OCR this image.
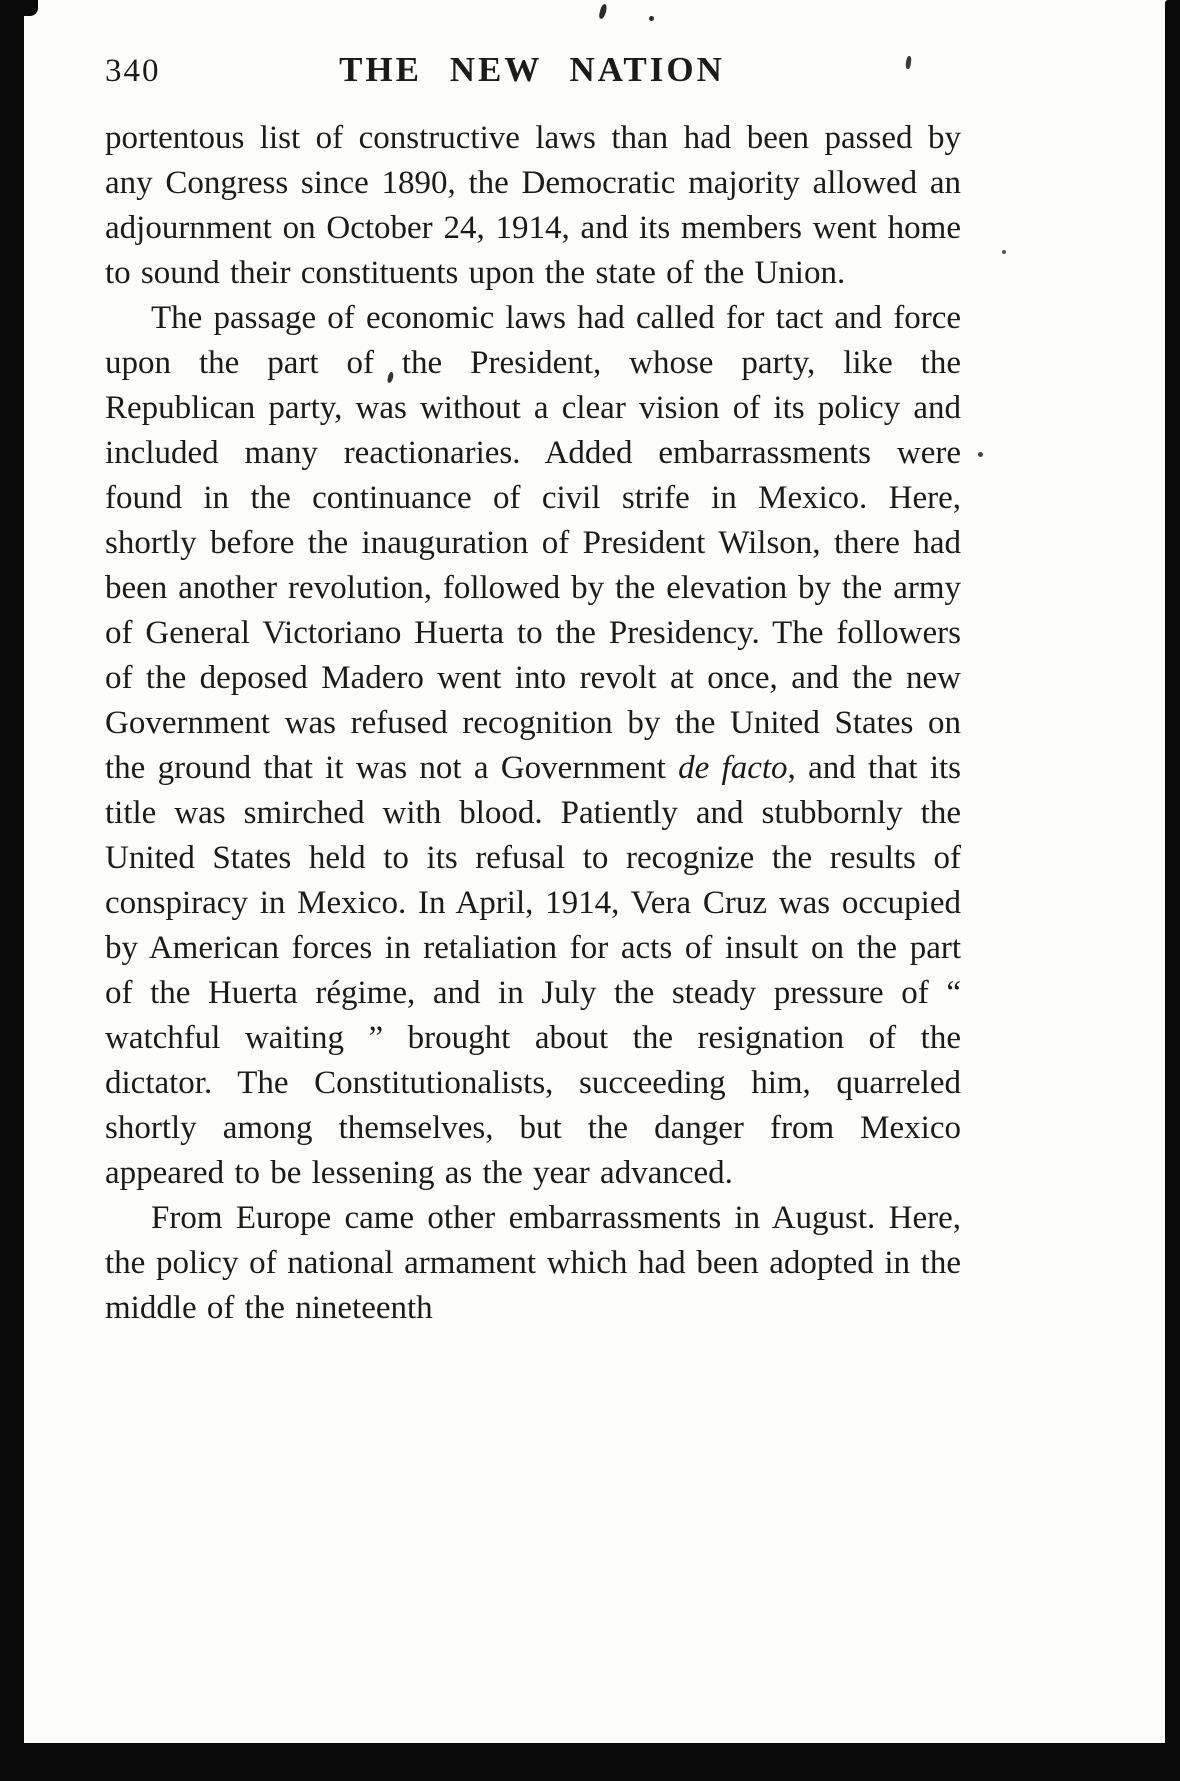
340	THE NEW NATION

portentous list of constructive laws than had been passed by any Congress since 1890, the Democratic majority allowed an adjournment on October 24, 1914, and its members went home to sound their constituents upon the state of the Union.

The passage of economic laws had called for tact and force upon the part of the President, whose party, like the Republican party, was without a clear vision of its policy and included many reactionaries. Added embarrassments were found in the continuance of civil strife in Mexico. Here, shortly before the inauguration of President Wilson, there had been another revolution, followed by the elevation by the army of General Victoriano Huerta to the Presidency. The followers of the deposed Madero went into revolt at once, and the new Government was refused recognition by the United States on the ground that it was not a Government de facto, and that its title was smirched with blood. Patiently and stubbornly the United States held to its refusal to recognize the results of conspiracy in Mexico. In April, 1914, Vera Cruz was occupied by American forces in retaliation for acts of insult on the part of the Huerta régime, and in July the steady pressure of “ watchful waiting ” brought about the resignation of the dictator. The Constitutionalists, succeeding him, quarreled shortly among themselves, but the danger from Mexico appeared to be lessening as the year advanced.

From Europe came other embarrassments in August. Here, the policy of national armament which had been adopted in the middle of the nineteenth
